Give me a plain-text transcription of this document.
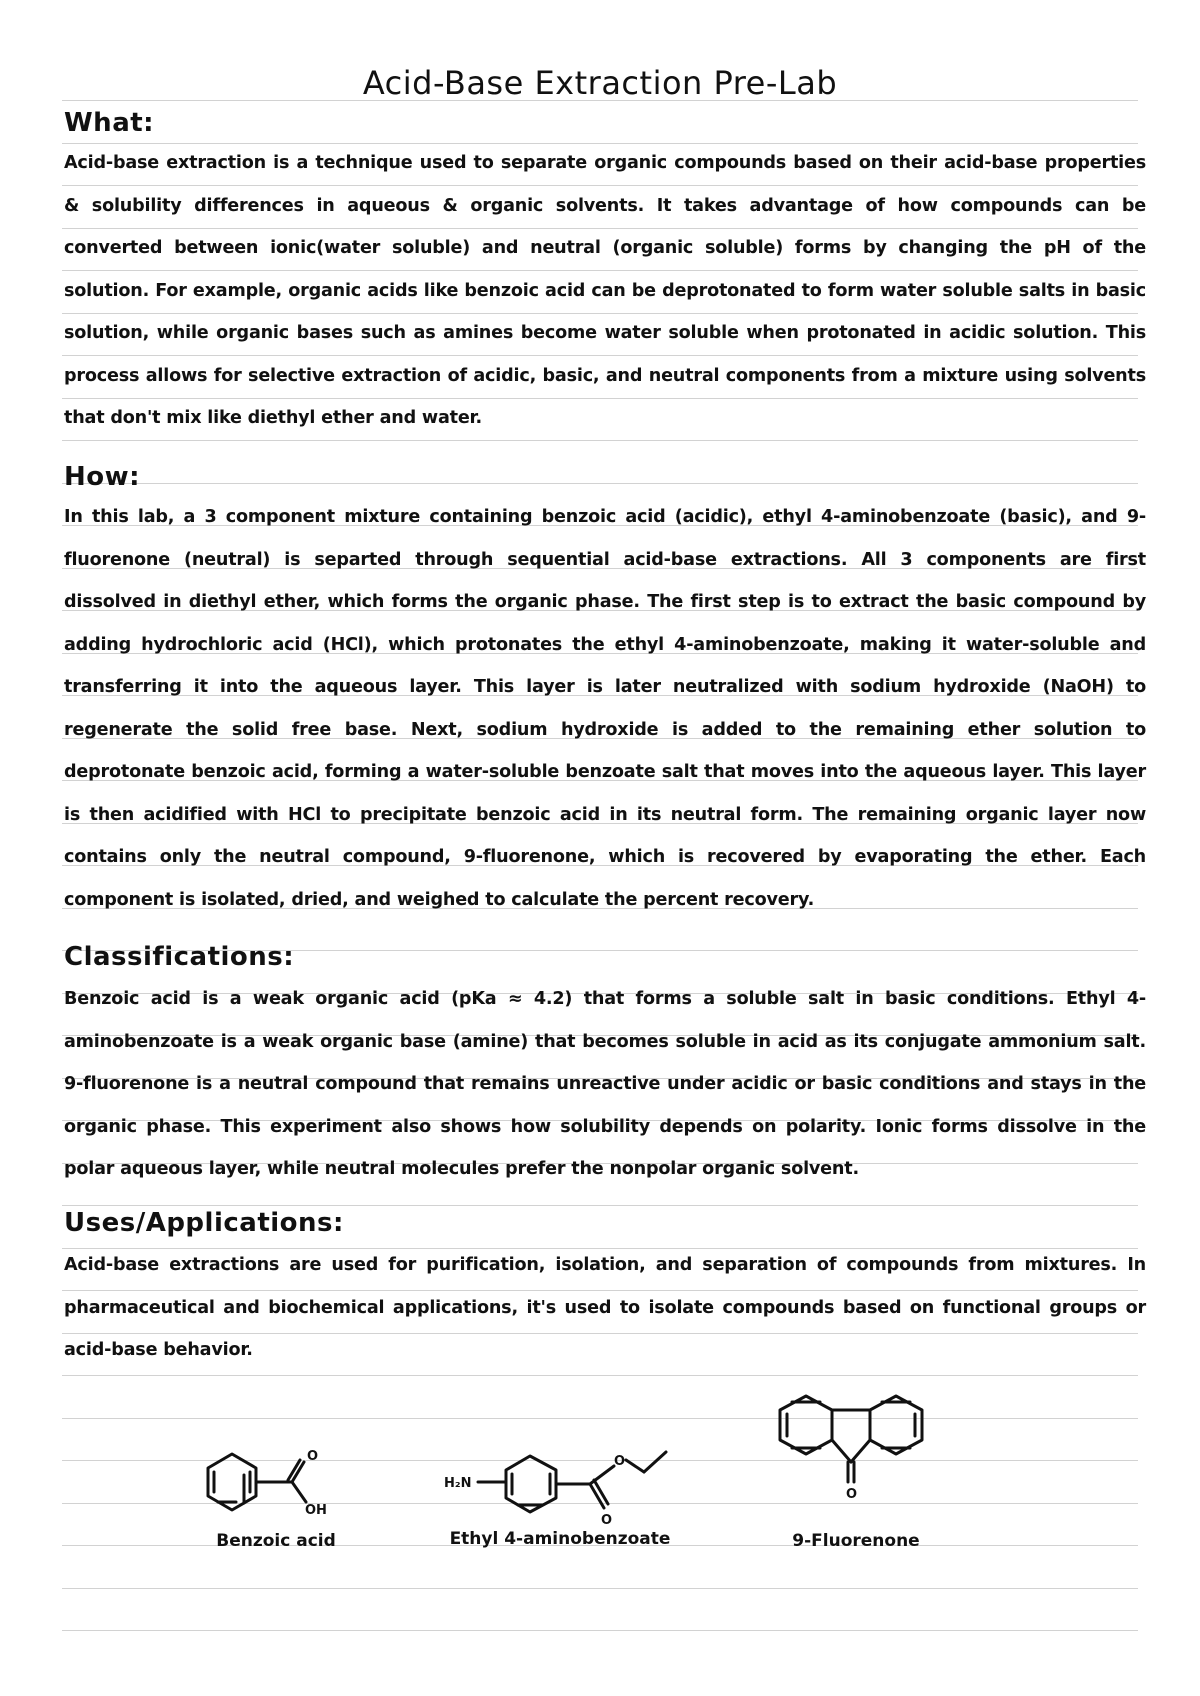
Acid-Base Extraction Pre-Lab
What:

Acid-base extraction is a technique used to separate organic compounds based on their acid-base properties & solubility differences in aqueous & organic solvents. It takes advantage of how compounds can be converted between ionic(water soluble) and neutral (organic soluble) forms by changing the pH of the solution. For example, organic acids like benzoic acid can be deprotonated to form water soluble salts in basic solution, while organic bases such as amines become water soluble when protonated in acidic solution. This process allows for selective extraction of acidic, basic, and neutral components from a mixture using solvents that don't mix like diethyl ether and water.

How:

In this lab, a 3 component mixture containing benzoic acid (acidic), ethyl 4-aminobenzoate (basic), and 9-fluorenone (neutral) is separted through sequential acid-base extractions. All 3 components are first dissolved in diethyl ether, which forms the organic phase. The first step is to extract the basic compound by adding hydrochloric acid (HCl), which protonates the ethyl 4-aminobenzoate, making it water-soluble and transferring it into the aqueous layer. This layer is later neutralized with sodium hydroxide (NaOH) to regenerate the solid free base. Next, sodium hydroxide is added to the remaining ether solution to deprotonate benzoic acid, forming a water-soluble benzoate salt that moves into the aqueous layer. This layer is then acidified with HCl to precipitate benzoic acid in its neutral form. The remaining organic layer now contains only the neutral compound, 9-fluorenone, which is recovered by evaporating the ether. Each component is isolated, dried, and weighed to calculate the percent recovery.

Classifications:

Benzoic acid is a weak organic acid (pKa ≈ 4.2) that forms a soluble salt in basic conditions. Ethyl 4-aminobenzoate is a weak organic base (amine) that becomes soluble in acid as its conjugate ammonium salt. 9-fluorenone is a neutral compound that remains unreactive under acidic or basic conditions and stays in the organic phase. This experiment also shows how solubility depends on polarity. Ionic forms dissolve in the polar aqueous layer, while neutral molecules prefer the nonpolar organic solvent.

Uses/Applications:

Acid-base extractions are used for purification, isolation, and separation of compounds from mixtures. In pharmaceutical and biochemical applications, it's used to isolate compounds based on functional groups or acid-base behavior.

O
OH
H₂N
O
O
O
Benzoic acid	Ethyl 4-aminobenzoate	9-Fluorenone
